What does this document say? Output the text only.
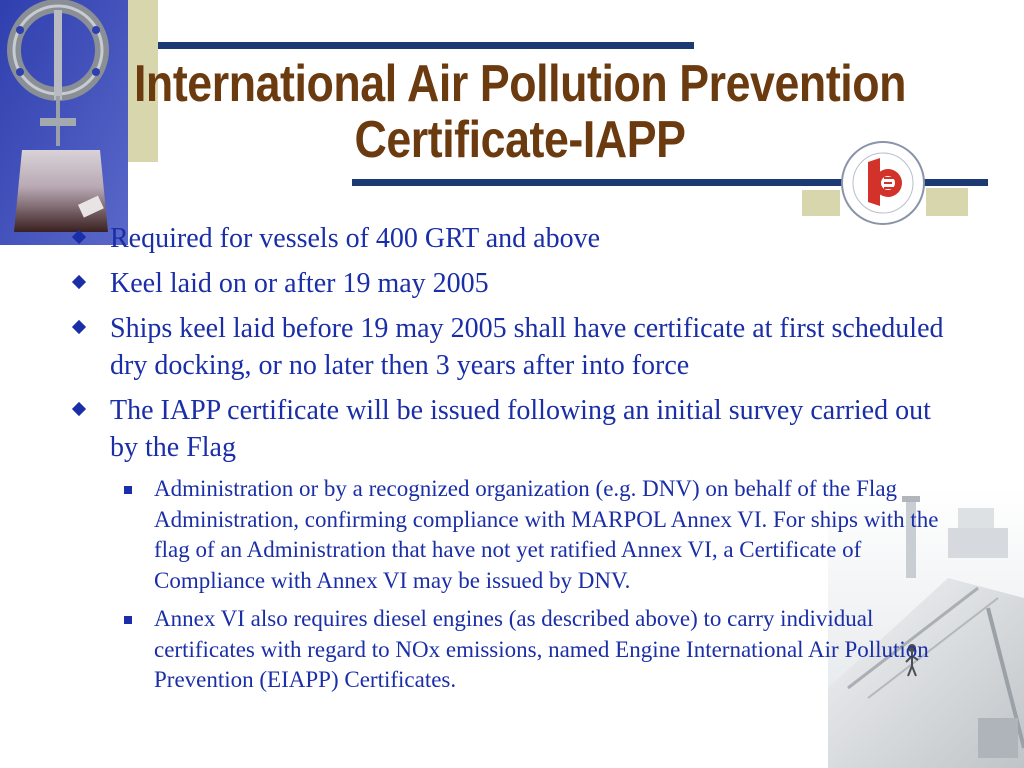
International Air Pollution Prevention
Certificate-IAPP
Required for vessels of 400 GRT and above
Keel laid on or after 19 may 2005
Ships keel laid before 19 may 2005 shall have certificate at first scheduled dry docking, or no later then 3 years after into force
The IAPP certificate will be issued following an initial survey carried out by the Flag
Administration or by a recognized organization (e.g. DNV) on behalf of the Flag Administration, confirming compliance with MARPOL Annex VI. For ships with the flag of an Administration that have not yet ratified Annex VI, a Certificate of Compliance with Annex VI may be issued by DNV.
Annex VI also requires diesel engines (as described above) to carry individual certificates with regard to NOx emissions, named Engine International Air Pollution Prevention (EIAPP) Certificates.
